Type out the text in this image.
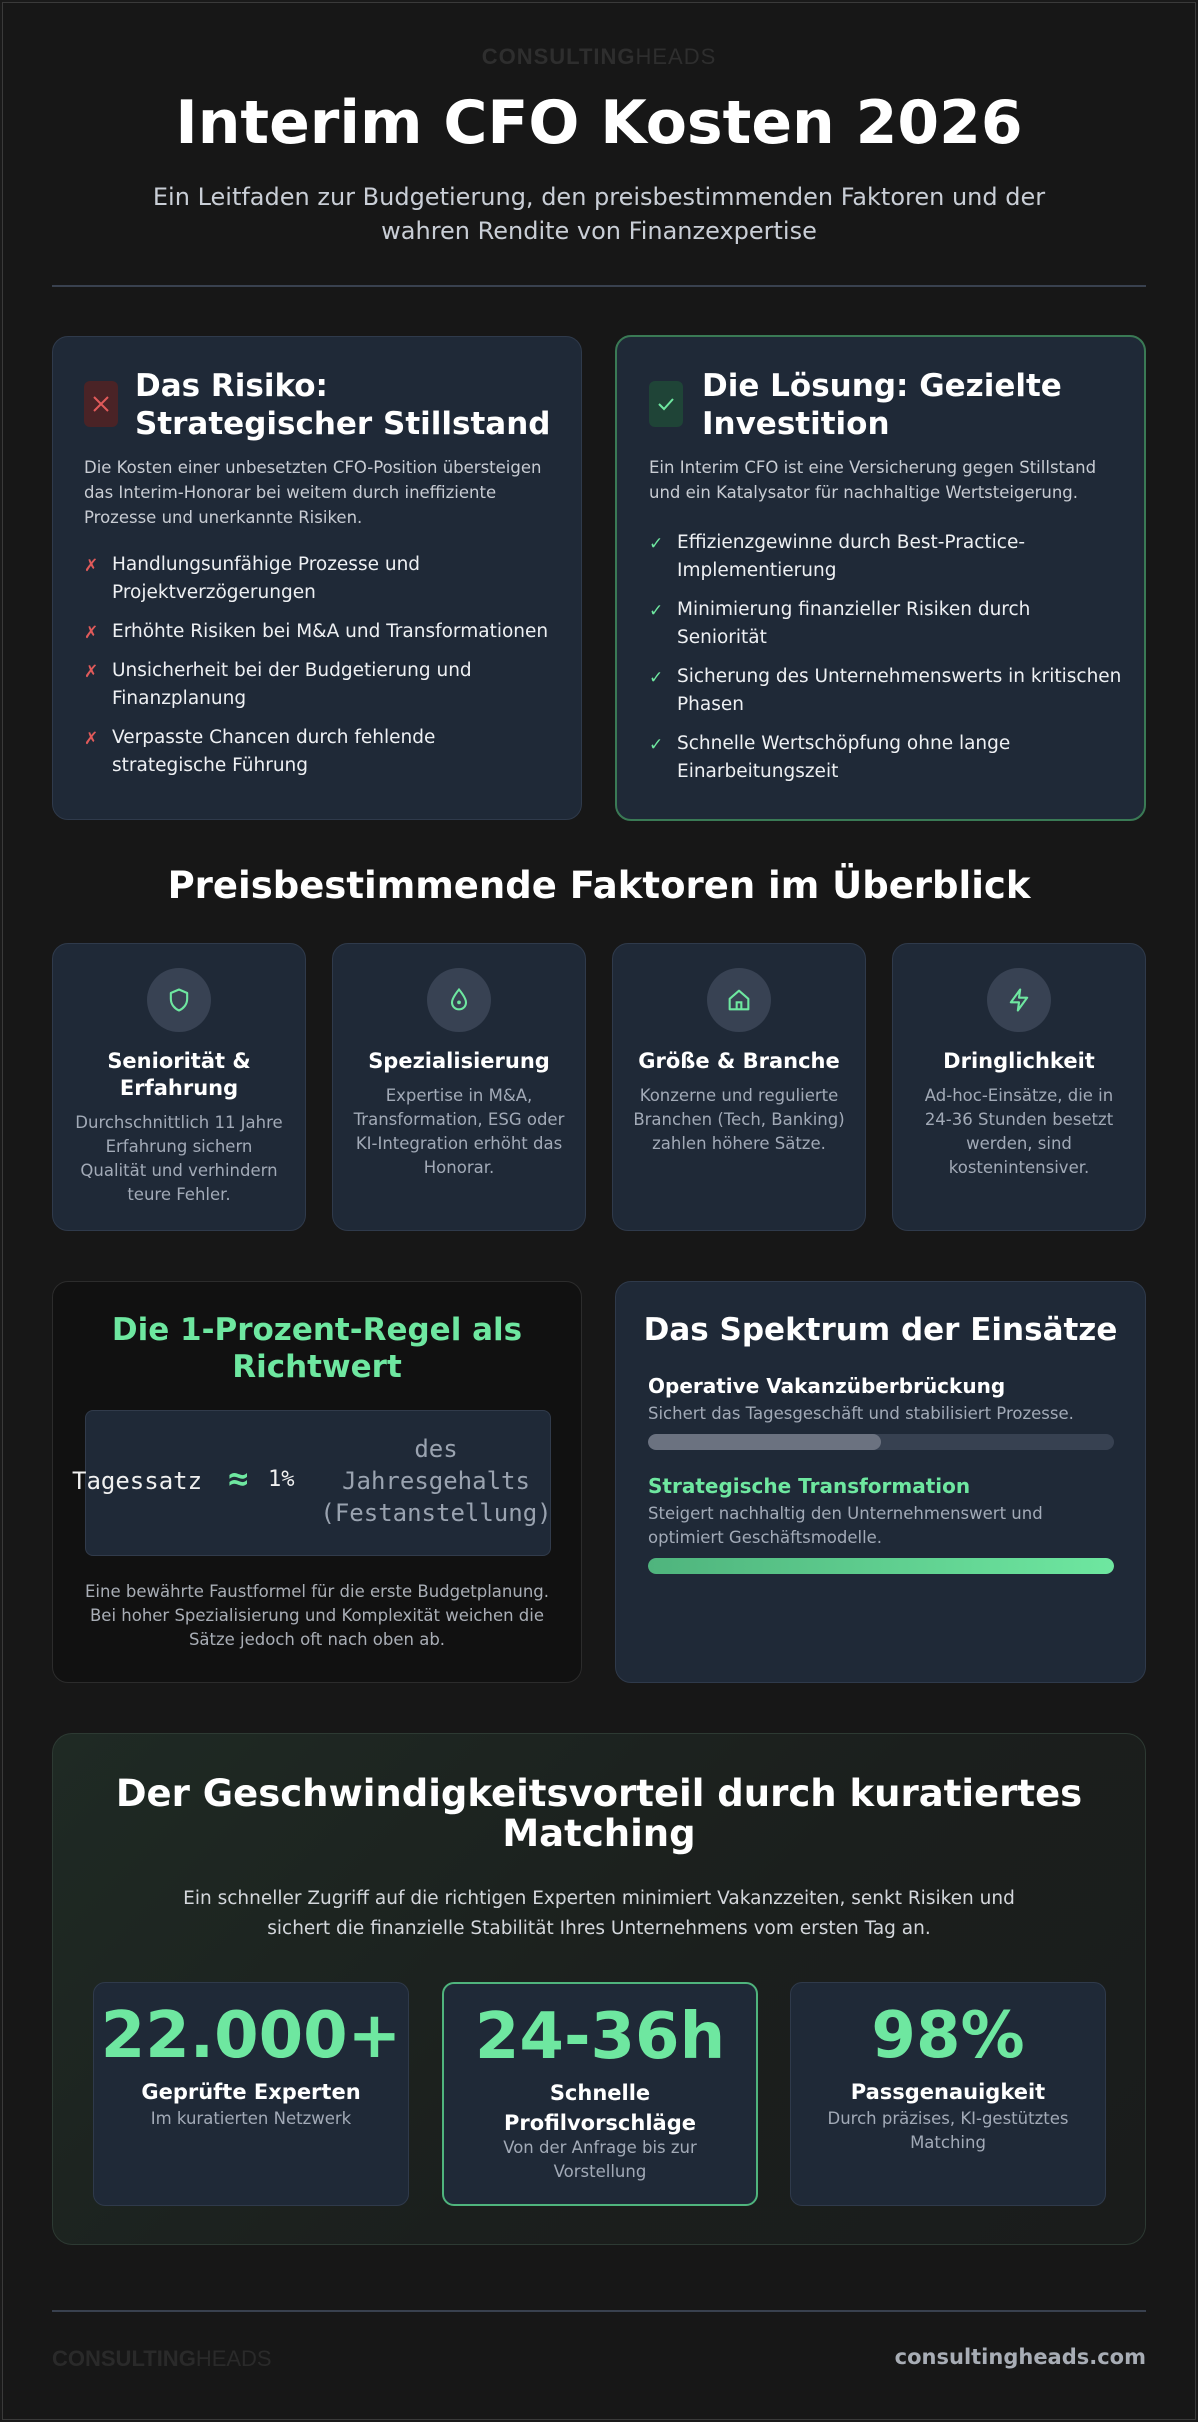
CONSULTINGHEADS
Interim CFO Kosten 2026
Ein Leitfaden zur Budgetierung, den preisbestimmenden Faktoren und der wahren Rendite von Finanzexpertise
Das Risiko: Strategischer Stillstand
Die Kosten einer unbesetzten CFO-Position übersteigen das Interim-Honorar bei weitem durch ineffiziente Prozesse und unerkannte Risiken.
✗ Handlungsunfähige Prozesse und Projektverzögerungen
✗ Erhöhte Risiken bei M&A und Transformationen
✗ Unsicherheit bei der Budgetierung und Finanzplanung
✗ Verpasste Chancen durch fehlende strategische Führung
Die Lösung: Gezielte Investition
Ein Interim CFO ist eine Versicherung gegen Stillstand und ein Katalysator für nachhaltige Wertsteigerung.
✓ Effizienzgewinne durch Best-Practice-Implementierung
✓ Minimierung finanzieller Risiken durch Seniorität
✓ Sicherung des Unternehmenswerts in kritischen Phasen
✓ Schnelle Wertschöpfung ohne lange Einarbeitungszeit
Preisbestimmende Faktoren im Überblick
Seniorität & Erfahrung
Durchschnittlich 11 Jahre Erfahrung sichern Qualität und verhindern teure Fehler.
Spezialisierung
Expertise in M&A, Transformation, ESG oder KI-Integration erhöht das Honorar.
Größe & Branche
Konzerne und regulierte Branchen (Tech, Banking) zahlen höhere Sätze.
Dringlichkeit
Ad-hoc-Einsätze, die in 24-36 Stunden besetzt werden, sind kostenintensiver.
Die 1-Prozent-Regel als Richtwert
Tagessatz ≈ 1%
des
Jahresgehalts
(Festanstellung)
Eine bewährte Faustformel für die erste Budgetplanung. Bei hoher Spezialisierung und Komplexität weichen die Sätze jedoch oft nach oben ab.
Das Spektrum der Einsätze
Operative Vakanzüberbrückung
Sichert das Tagesgeschäft und stabilisiert Prozesse.
Strategische Transformation
Steigert nachhaltig den Unternehmenswert und optimiert Geschäftsmodelle.
Der Geschwindigkeitsvorteil durch kuratiertes Matching
Ein schneller Zugriff auf die richtigen Experten minimiert Vakanzzeiten, senkt Risiken und sichert die finanzielle Stabilität Ihres Unternehmens vom ersten Tag an.
22.000+
Geprüfte Experten
Im kuratierten Netzwerk
24-36h
Schnelle Profilvorschläge
Von der Anfrage bis zur Vorstellung
98%
Passgenauigkeit
Durch präzises, KI-gestütztes Matching
CONSULTINGHEADS	consultingheads.com
